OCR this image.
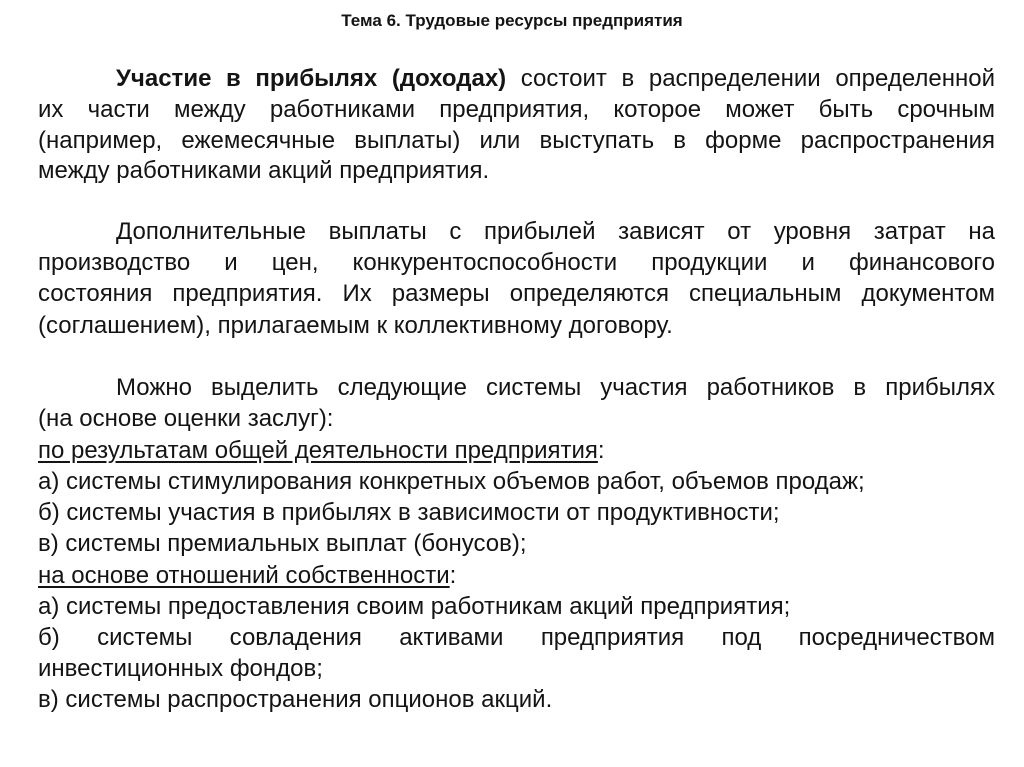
Тема 6. Трудовые ресурсы предприятия
Участие в прибылях (доходах) состоит в распределении определенной
их части между работниками предприятия, которое может быть срочным
(например, ежемесячные выплаты) или выступать в форме распространения
между работниками акций предприятия.
Дополнительные выплаты с прибылей зависят от уровня затрат на
производство и цен, конкурентоспособности продукции и финансового
состояния предприятия. Их размеры определяются специальным документом
(соглашением), прилагаемым к коллективному договору.
Можно выделить следующие системы участия работников в прибылях
(на основе оценки заслуг):
по результатам общей деятельности предприятия:
а) системы стимулирования конкретных объемов работ, объемов продаж;
б) системы участия в прибылях в зависимости от продуктивности;
в) системы премиальных выплат (бонусов);
на основе отношений собственности:
а) системы предоставления своим работникам акций предприятия;
б) системы совладения активами предприятия под посредничеством
инвестиционных фондов;
в) системы распространения опционов акций.
